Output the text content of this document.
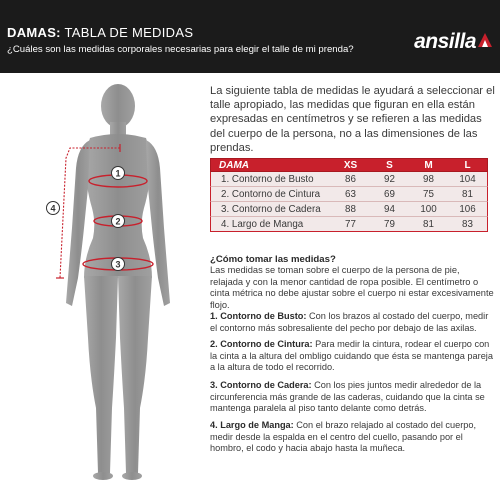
DAMAS: TABLA DE MEDIDAS
¿Cuáles son las medidas corporales necesarias para elegir el talle de mi prenda?	ansilla
1
2
3
4
La siguiente tabla de medidas le ayudará a seleccionar el talle apropiado, las medidas que figuran en ella están expresadas en centímetros y se refieren a las medidas del cuerpo de la persona, no a las dimensiones de las prendas.
DAMA	XS	S	M	L
1. Contorno de Busto	86	92	98	104
2. Contorno de Cintura	63	69	75	81
3. Contorno de Cadera	88	94	100	106
4. Largo de Manga	77	79	81	83
¿Cómo tomar las medidas?
Las medidas se toman sobre el cuerpo de la persona de pie, relajada y con la menor cantidad de ropa posible. El centímetro o cinta métrica no debe ajustar sobre el cuerpo ni estar excesivamente flojo.
1. Contorno de Busto: Con los brazos al costado del cuerpo, medir el contorno más sobresaliente del pecho por debajo de las axilas.
2. Contorno de Cintura: Para medir la cintura, rodear el cuerpo con la cinta a la altura del ombligo cuidando que ésta se mantenga pareja a la altura de todo el recorrido.
3. Contorno de Cadera: Con los pies juntos medir alrededor de la circunferencia más grande de las caderas, cuidando que la cinta se mantenga paralela al piso tanto delante como detrás.
4. Largo de Manga: Con el brazo relajado al costado del cuerpo, medir desde la espalda en el centro del cuello, pasando por el hombro, el codo y hacia abajo hasta la muñeca.
